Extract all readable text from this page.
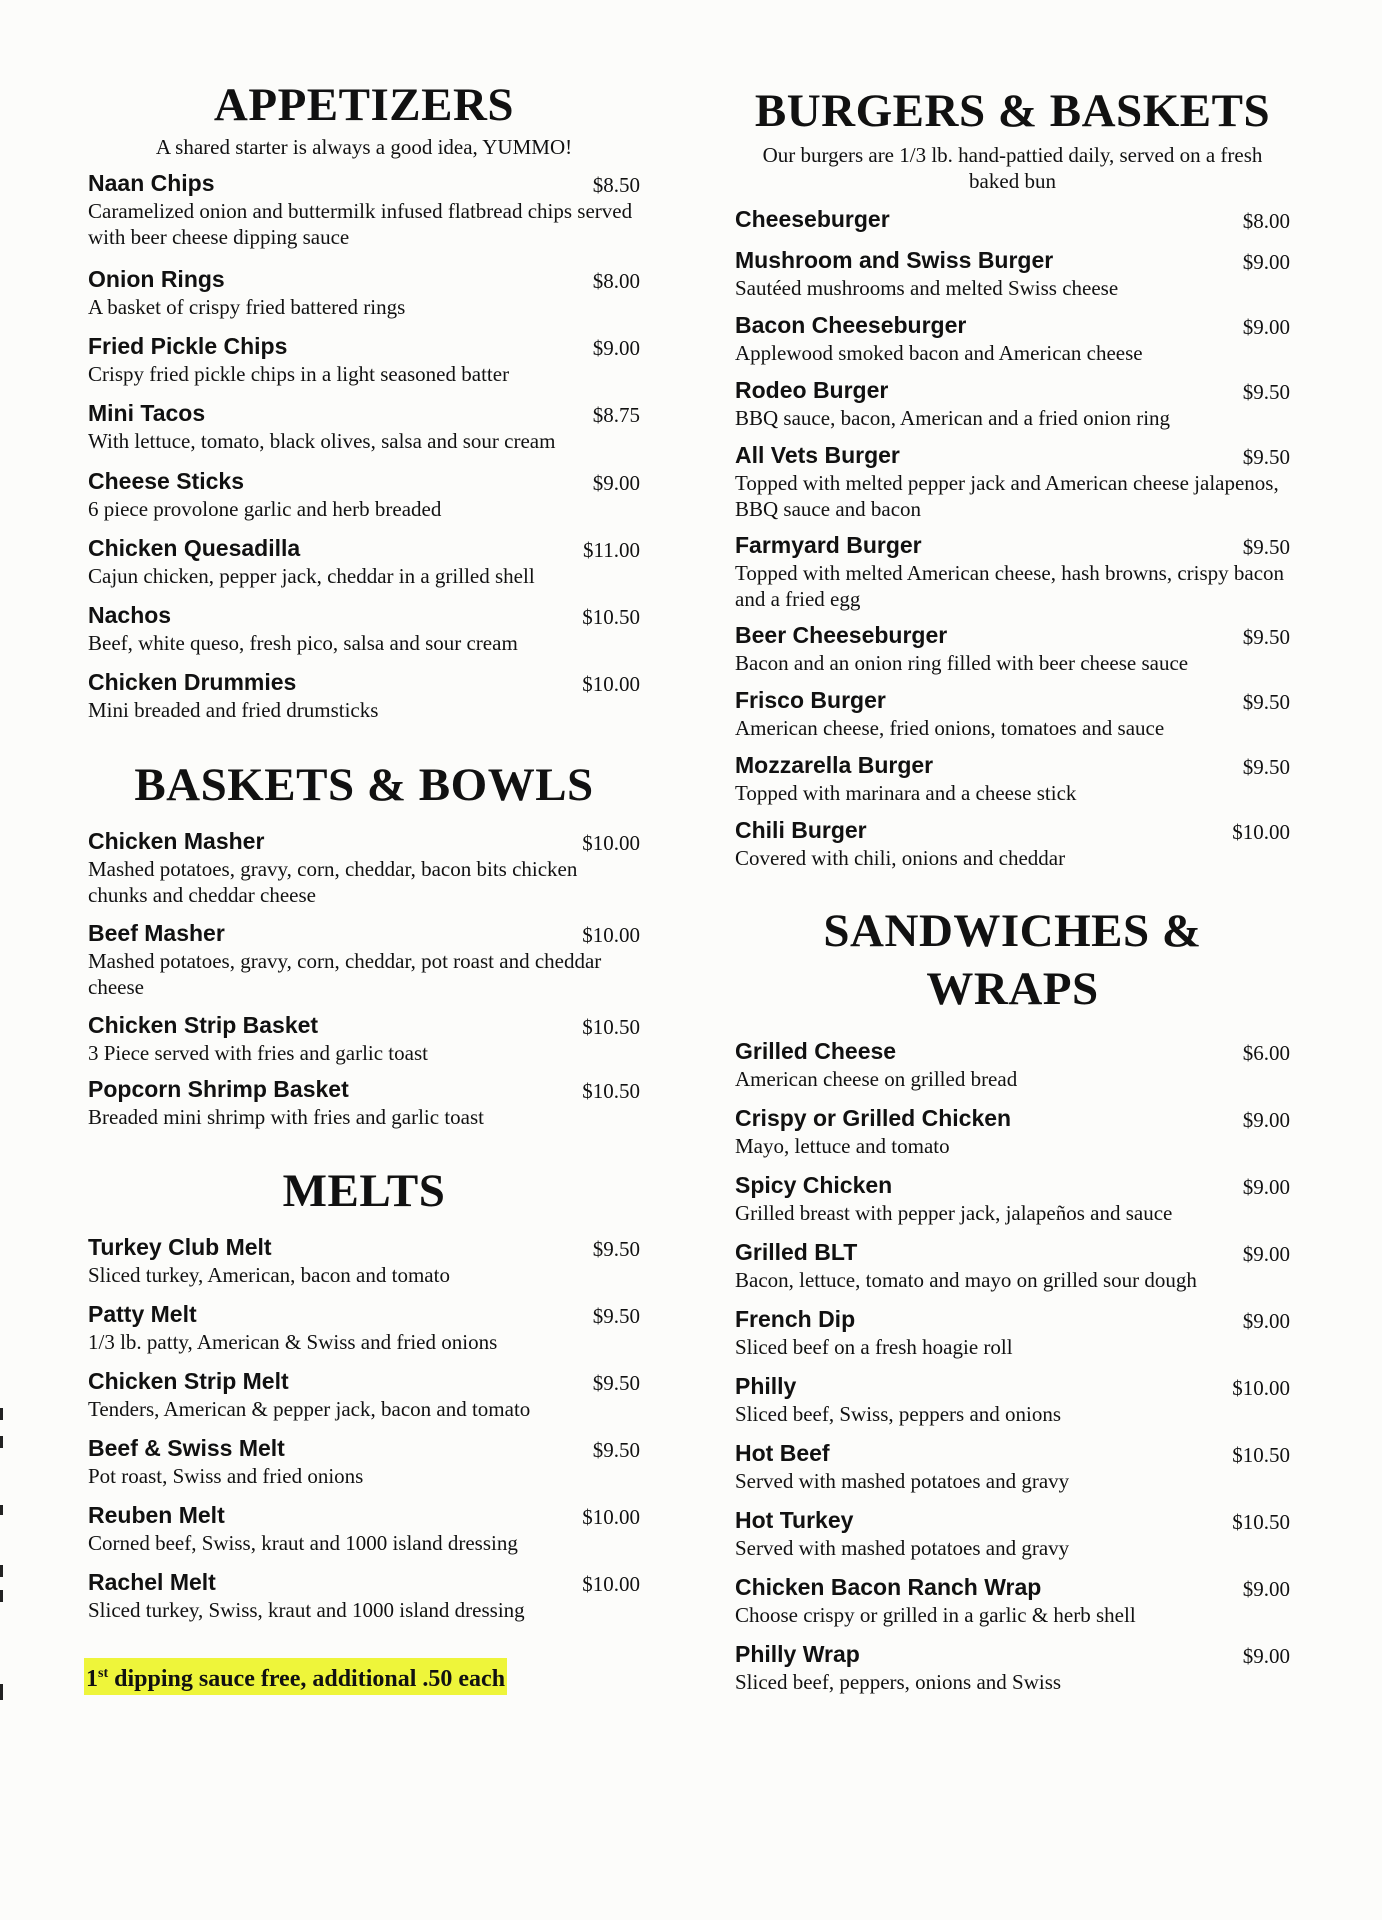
APPETIZERS
A shared starter is always a good idea, YUMMO!
Naan Chips	$8.50
Caramelized onion and buttermilk infused flatbread chips served with beer cheese dipping sauce
Onion Rings	$8.00
A basket of crispy fried battered rings
Fried Pickle Chips	$9.00
Crispy fried pickle chips in a light seasoned batter
Mini Tacos	$8.75
With lettuce, tomato, black olives, salsa and sour cream
Cheese Sticks	$9.00
6 piece provolone garlic and herb breaded
Chicken Quesadilla	$11.00
Cajun chicken, pepper jack, cheddar in a grilled shell
Nachos	$10.50
Beef, white queso, fresh pico, salsa and sour cream
Chicken Drummies	$10.00
Mini breaded and fried drumsticks
BASKETS & BOWLS
Chicken Masher	$10.00
Mashed potatoes, gravy, corn, cheddar, bacon bits chicken chunks and cheddar cheese
Beef Masher	$10.00
Mashed potatoes, gravy, corn, cheddar, pot roast and cheddar cheese
Chicken Strip Basket	$10.50
3 Piece served with fries and garlic toast
Popcorn Shrimp Basket	$10.50
Breaded mini shrimp with fries and garlic toast
MELTS
Turkey Club Melt	$9.50
Sliced turkey, American, bacon and tomato
Patty Melt	$9.50
1/3 lb. patty, American & Swiss and fried onions
Chicken Strip Melt	$9.50
Tenders, American & pepper jack, bacon and tomato
Beef & Swiss Melt	$9.50
Pot roast, Swiss and fried onions
Reuben Melt	$10.00
Corned beef, Swiss, kraut and 1000 island dressing
Rachel Melt	$10.00
Sliced turkey, Swiss, kraut and 1000 island dressing
1st dipping sauce free, additional .50 each
BURGERS & BASKETS
Our burgers are 1/3 lb. hand-pattied daily, served on a fresh baked bun
Cheeseburger	$8.00
Mushroom and Swiss Burger	$9.00
Sautéed mushrooms and melted Swiss cheese
Bacon Cheeseburger	$9.00
Applewood smoked bacon and American cheese
Rodeo Burger	$9.50
BBQ sauce, bacon, American and a fried onion ring
All Vets Burger	$9.50
Topped with melted pepper jack and American cheese jalapenos, BBQ sauce and bacon
Farmyard Burger	$9.50
Topped with melted American cheese, hash browns, crispy bacon and a fried egg
Beer Cheeseburger	$9.50
Bacon and an onion ring filled with beer cheese sauce
Frisco Burger	$9.50
American cheese, fried onions, tomatoes and sauce
Mozzarella Burger	$9.50
Topped with marinara and a cheese stick
Chili Burger	$10.00
Covered with chili, onions and cheddar
SANDWICHES &
WRAPS
Grilled Cheese	$6.00
American cheese on grilled bread
Crispy or Grilled Chicken	$9.00
Mayo, lettuce and tomato
Spicy Chicken	$9.00
Grilled breast with pepper jack, jalapeños and sauce
Grilled BLT	$9.00
Bacon, lettuce, tomato and mayo on grilled sour dough
French Dip	$9.00
Sliced beef on a fresh hoagie roll
Philly	$10.00
Sliced beef, Swiss, peppers and onions
Hot Beef	$10.50
Served with mashed potatoes and gravy
Hot Turkey	$10.50
Served with mashed potatoes and gravy
Chicken Bacon Ranch Wrap	$9.00
Choose crispy or grilled in a garlic & herb shell
Philly Wrap	$9.00
Sliced beef, peppers, onions and Swiss
